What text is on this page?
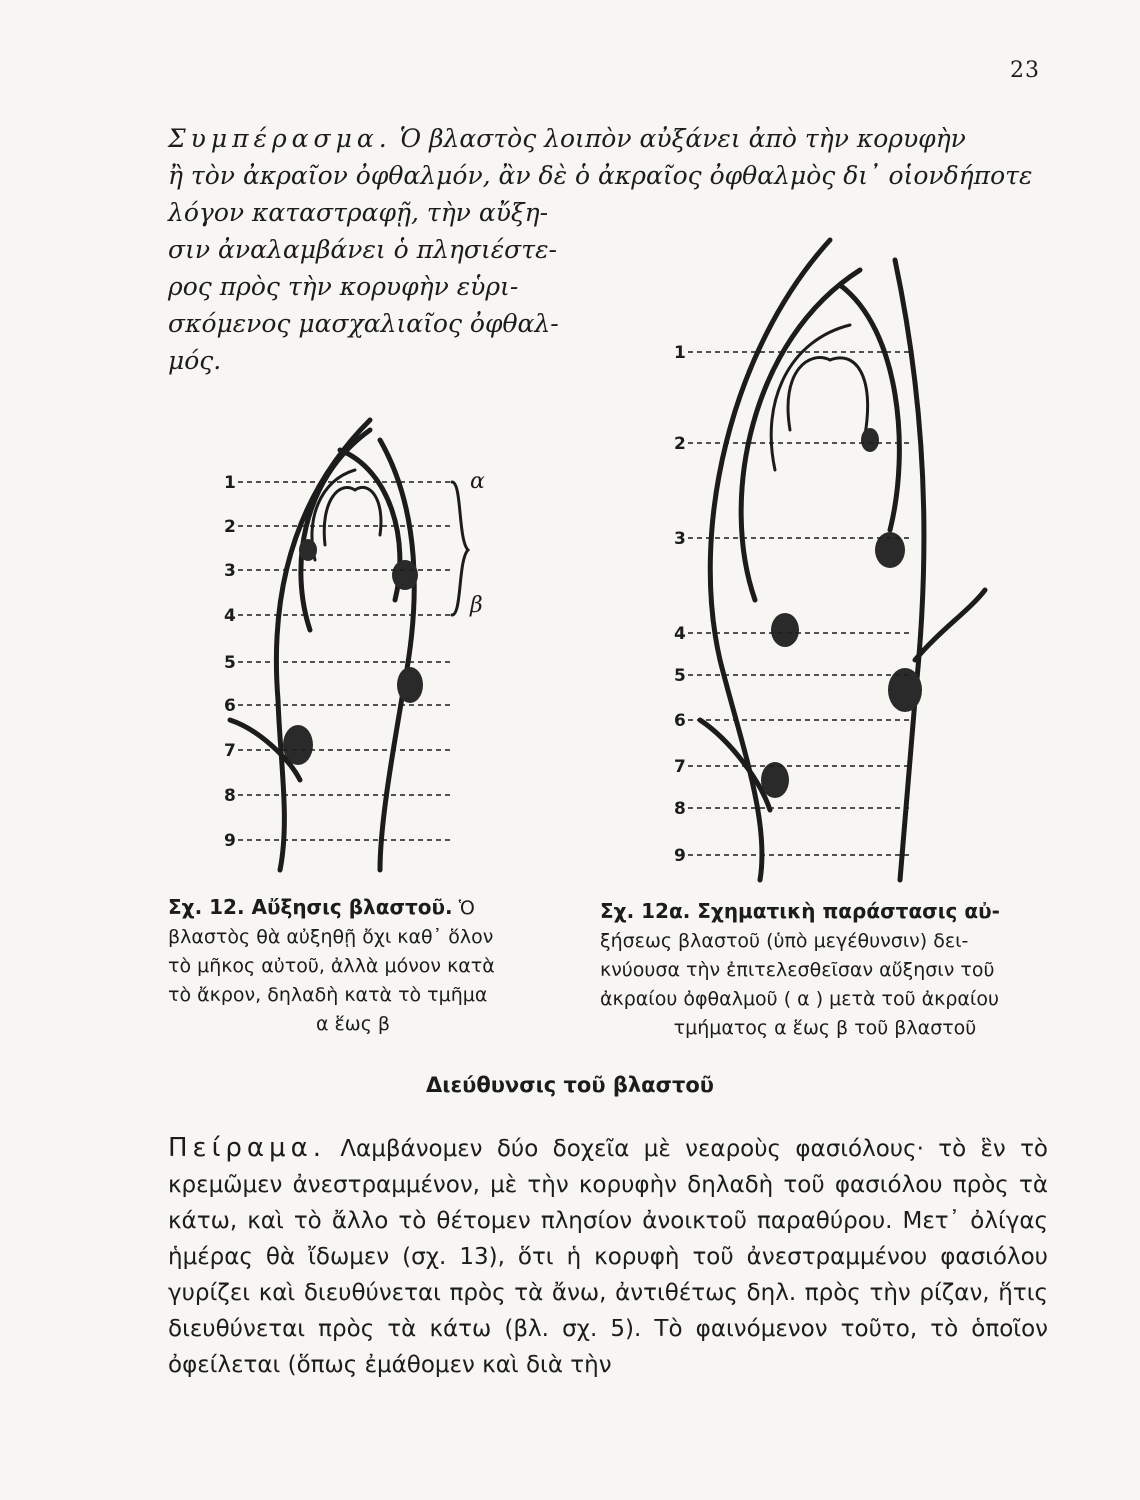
23
Συμπέρασμα. Ὁ βλαστὸς λοιπὸν αὐξάνει ἀπὸ τὴν κορυφὴν
ἢ τὸν ἀκραῖον ὀφθαλμόν, ἂν δὲ ὁ ἀκραῖος ὀφθαλμὸς δι᾽ οἱονδήποτε
λόγον καταστραφῇ, τὴν αὔξη-
σιν ἀναλαμβάνει ὁ πλησιέστε-
ρος πρὸς τὴν κορυφὴν εὑρι-
σκόμενος μασχαλιαῖος ὀφθαλ-
μός.
1
2
3
4
5
6
7
8
9
α
β
Σχ. 12. Αὔξησις βλαστοῦ. Ὁ
βλαστὸς θὰ αὐξηθῇ ὄχι καθ᾽ ὅλον
τὸ μῆκος αὐτοῦ, ἀλλὰ μόνον κατὰ
τὸ ἄκρον, δηλαδὴ κατὰ τὸ τμῆμα

α ἕως β
1
2
3
4
5
6
7
8
9
Σχ. 12α. Σχηματικὴ παράστασις αὐ-
ξήσεως βλαστοῦ (ὑπὸ μεγέθυνσιν) δει-
κνύουσα τὴν ἐπιτελεσθεῖσαν αὔξησιν τοῦ
ἀκραίου ὀφθαλμοῦ ( α ) μετὰ τοῦ ἀκραίου

τμήματος α ἕως β τοῦ βλαστοῦ
Διεύθυνσις τοῦ βλαστοῦ
Πείραμα. Λαμβάνομεν δύο δοχεῖα μὲ νεαροὺς φασιόλους· τὸ ἓν τὸ κρεμῶμεν ἀνεστραμμένον, μὲ τὴν κορυφὴν δηλαδὴ τοῦ φασιόλου πρὸς τὰ κάτω, καὶ τὸ ἄλλο τὸ θέτομεν πλησίον ἀνοικτοῦ παραθύρου. Μετ᾽ ὀλίγας ἡμέρας θὰ ἴδωμεν (σχ. 13), ὅτι ἡ κορυφὴ τοῦ ἀνεστραμμένου φασιόλου γυρίζει καὶ διευθύνεται πρὸς τὰ ἄνω, ἀντιθέτως δηλ. πρὸς τὴν ρίζαν, ἥτις διευθύνεται πρὸς τὰ κάτω (βλ. σχ. 5). Τὸ φαινόμενον τοῦτο, τὸ ὁποῖον ὀφείλεται (ὅπως ἐμάθομεν καὶ διὰ τὴν
